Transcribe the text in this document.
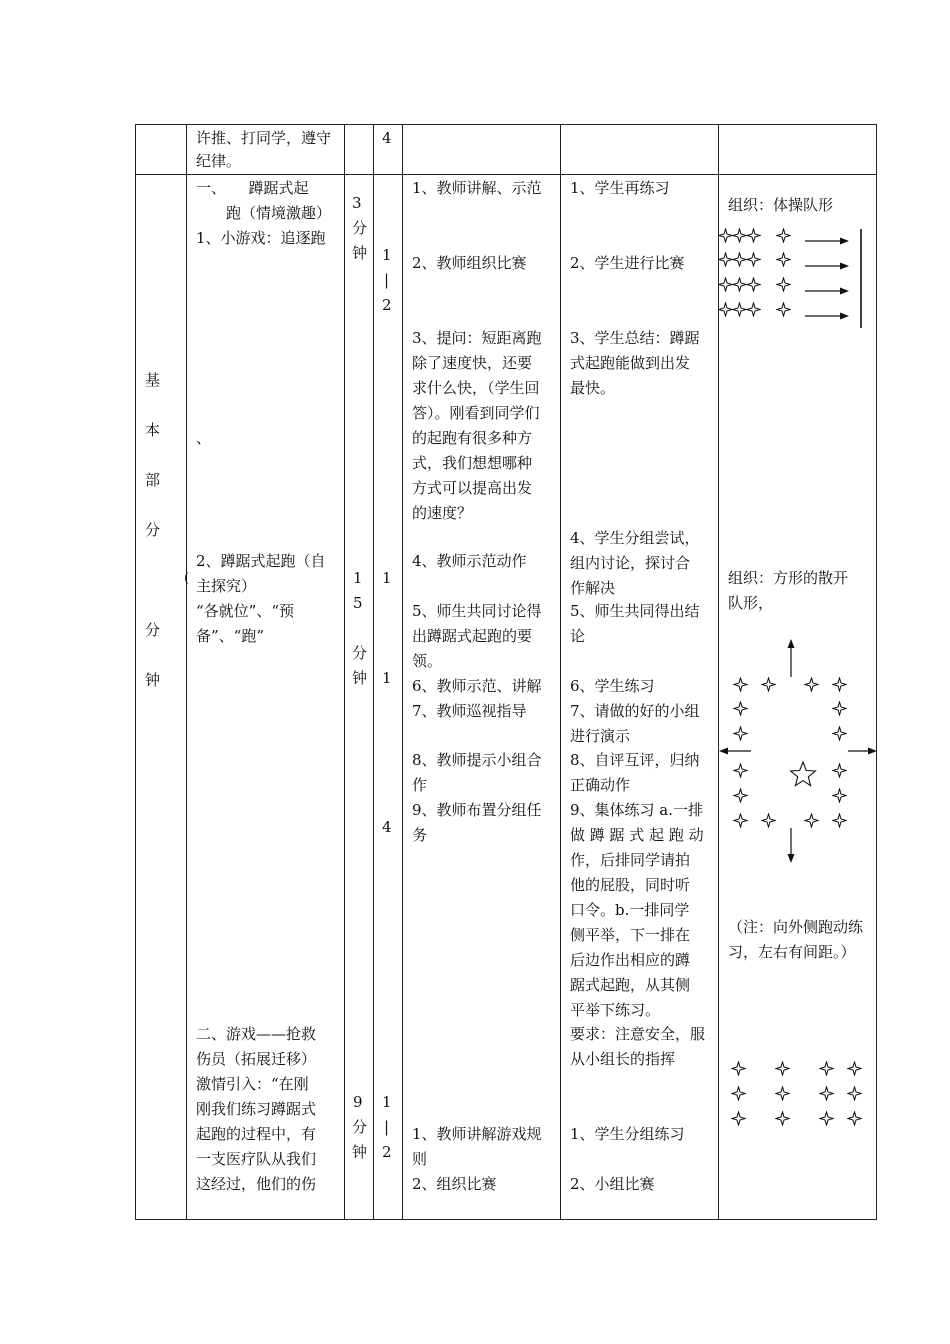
许推、打同学，遵守
纪律。
4
基
本
部
分
分
钟
一、　　蹲踞式起
　　跑（情境激趣）
1、小游戏：追逐跑
、
2、蹲踞式起跑（自
主探究）
“各就位”、“预
备”、“跑”
二、游戏——抢救
伤员（拓展迁移）
激情引入：“在刚
刚我们练习蹲踞式
起跑的过程中，有
一支医疗队从我们
这经过，他们的伤
(
3
分
钟
1
5
分
钟
9
分
钟
1
|
2
1
1
4
1
|
2
1、教师讲解、示范
2、教师组织比赛
3、提问：短距离跑
除了速度快，还要
求什么快，（学生回
答）。刚看到同学们
的起跑有很多种方
式，我们想想哪种
方式可以提高出发
的速度？
4、教师示范动作
5、师生共同讨论得
出蹲踞式起跑的要
领。
6、教师示范、讲解
7、教师巡视指导
8、教师提示小组合
作
9、教师布置分组任
务
1、教师讲解游戏规
则
2、组织比赛
1、学生再练习
2、学生进行比赛
3、学生总结：蹲踞
式起跑能做到出发
最快。
4、学生分组尝试，
组内讨论，探讨合
作解决
5、师生共同得出结
论
6、学生练习
7、请做的好的小组
进行演示
8、自评互评，归纳
正确动作
9、集体练习 a.一排
做 蹲 踞 式 起 跑 动
作，后排同学请拍
他的屁股，同时听
口令。b.一排同学
侧平举，下一排在
后边作出相应的蹲
踞式起跑，从其侧
平举下练习。
要求：注意安全，服
从小组长的指挥
1、学生分组练习
2、小组比赛
组织：体操队形
组织：方形的散开
队形，
（注：向外侧跑动练
习，左右有间距。）
